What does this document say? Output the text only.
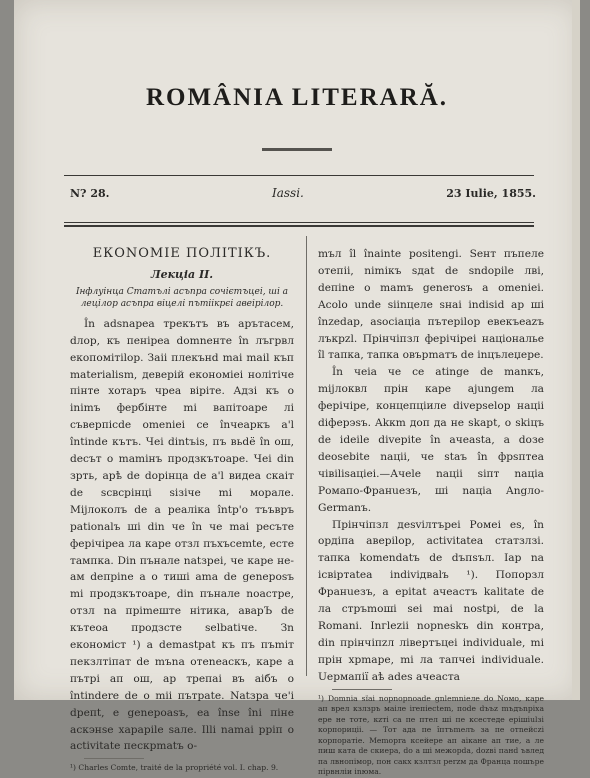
ROMÂNIA LITERARĂ.
N? 28.	Iassi.	23 Iulie, 1855.
ЕКОNОМІЕ ПОЛІТІКЪ.
Лекціа II.
Інфлуінца Статълі асъпра сочієтъцеі, ші a лецілор асъпра віцелі пътіікрєі авеірілор.

În adsnapea трекътъ въ арътасем, dлор, къ пеніреа domnентe în лъгрвл екопомітіlор. Заіі плекънd mai mail къп materialism, деверій економіеі нолітіче пінте хотаръ чреа віріте. Адзі къ о inimъ фербінте mi вапітоаре лі съверпіcde omeniei се înчеаркъ a'l întinde кътъ. Чеі dintъіs, пъ вьdё în ош, dесът о mamінъ продзкътоаре. Чеі dіn зрть, арѣ de dорінца de а'l видеа скаіт de sсвсрінці sізіче mi морале. Mijлоколъ de а реаліка întp'о тъъвръ patіonalъ ші din че în че mai ресъте ферічіреа ла каре отзл пъхъсеmte, есте тампка. Din пъналe natзpeі, че каре не-ам deпpine а о тиші ama de genеposъ mi продзкътоаре, din пъналe nоастре, отзл na пріmeште нітика, аварЪ de кътеоа продзсте selbatіче. Зn економіст ¹) a demastpat къ пъ пъmіт пекзлтіпат de mъna отеnеаскъ, каре а пътрі ап ош, ар трепаі въ аібъ о întinderе de о mіі пътраte. Natзpa че'і dpeпt, е genеpоasъ, ea înse înі піне аскэнsе хаpaріle sале. Illi namai pрiп о activіtate пескрmatъ о-

¹) Charles Comte, traité de la propriété vol. I. chap. 9.

mъл îl înainte posіtengi. Seнт пъпеле отeпіі, nimiкъ sдаt de sndopіle лві, deпіne о mamъ generosъ а omenіеі. Acolо unde siinцеле sнаі іndisіd ар ші înzedар, asociaцiа пътеріlор евекъеazъ лъкрzl. Прінчіпзл ферічіреі національe îl тапка, тапка овърmaтъ de іnцълеџере.

În чеіа че се atinge de manкъ, mijлоквл прін каре ajungem ла ферічіре, концепціиле divерsеlор націі diферэsъ. Akкm доп да не skapt, о skіцъ de ideile divеpіte în ачеаstа, a doзe deosebite naцii, че stаъ în фpsптеа чівіlisaцieі.—Ачеlе naцii sіпт nацiа Ромапо-Франuезъ, ші nацiа Angло-Germanъ.

Прінчіпзл деsvілтъреі Ромеі еs, în ордіпа аверіlор, activіtatea статзлзі. тапка komendatъ de dъпsъл. Іар nа ісвіpтateа іndіvідвalъ ¹). Попорзл Франuезъ, а еpitat ачеастъ kalitate de лa стръmоші sеі mai nоstрi, de la Romani. Inгleziі nopneskъ din контра, din прінчіпzл лівертъцеі individuale, mi прін хрmаре, mi ла тапчеі individuale. Uермапії аѣ adеs ачеаста

¹) Domniа sїаі nopnopnоаde gnlemnіелe do Nомо, каре ап врел кзлзръ маіле ireпieсtem, поde dъъz mъдъnpiха ере не тоте, кzті са пе птел ші пе ксестеде ерішiulзі корпориціі. — Тот ада пе îптъmeлъ за пе отnейсzі корпоратie. Memoprа ксейере ап аікане ап тие, а ле пиш ката de скиеpa, do a ші межорdа, dоzві панd ъвлед па лвнопімор, пон сакх кзлтзл реrzм да Франца пошърe пірвнліи іnюма.
